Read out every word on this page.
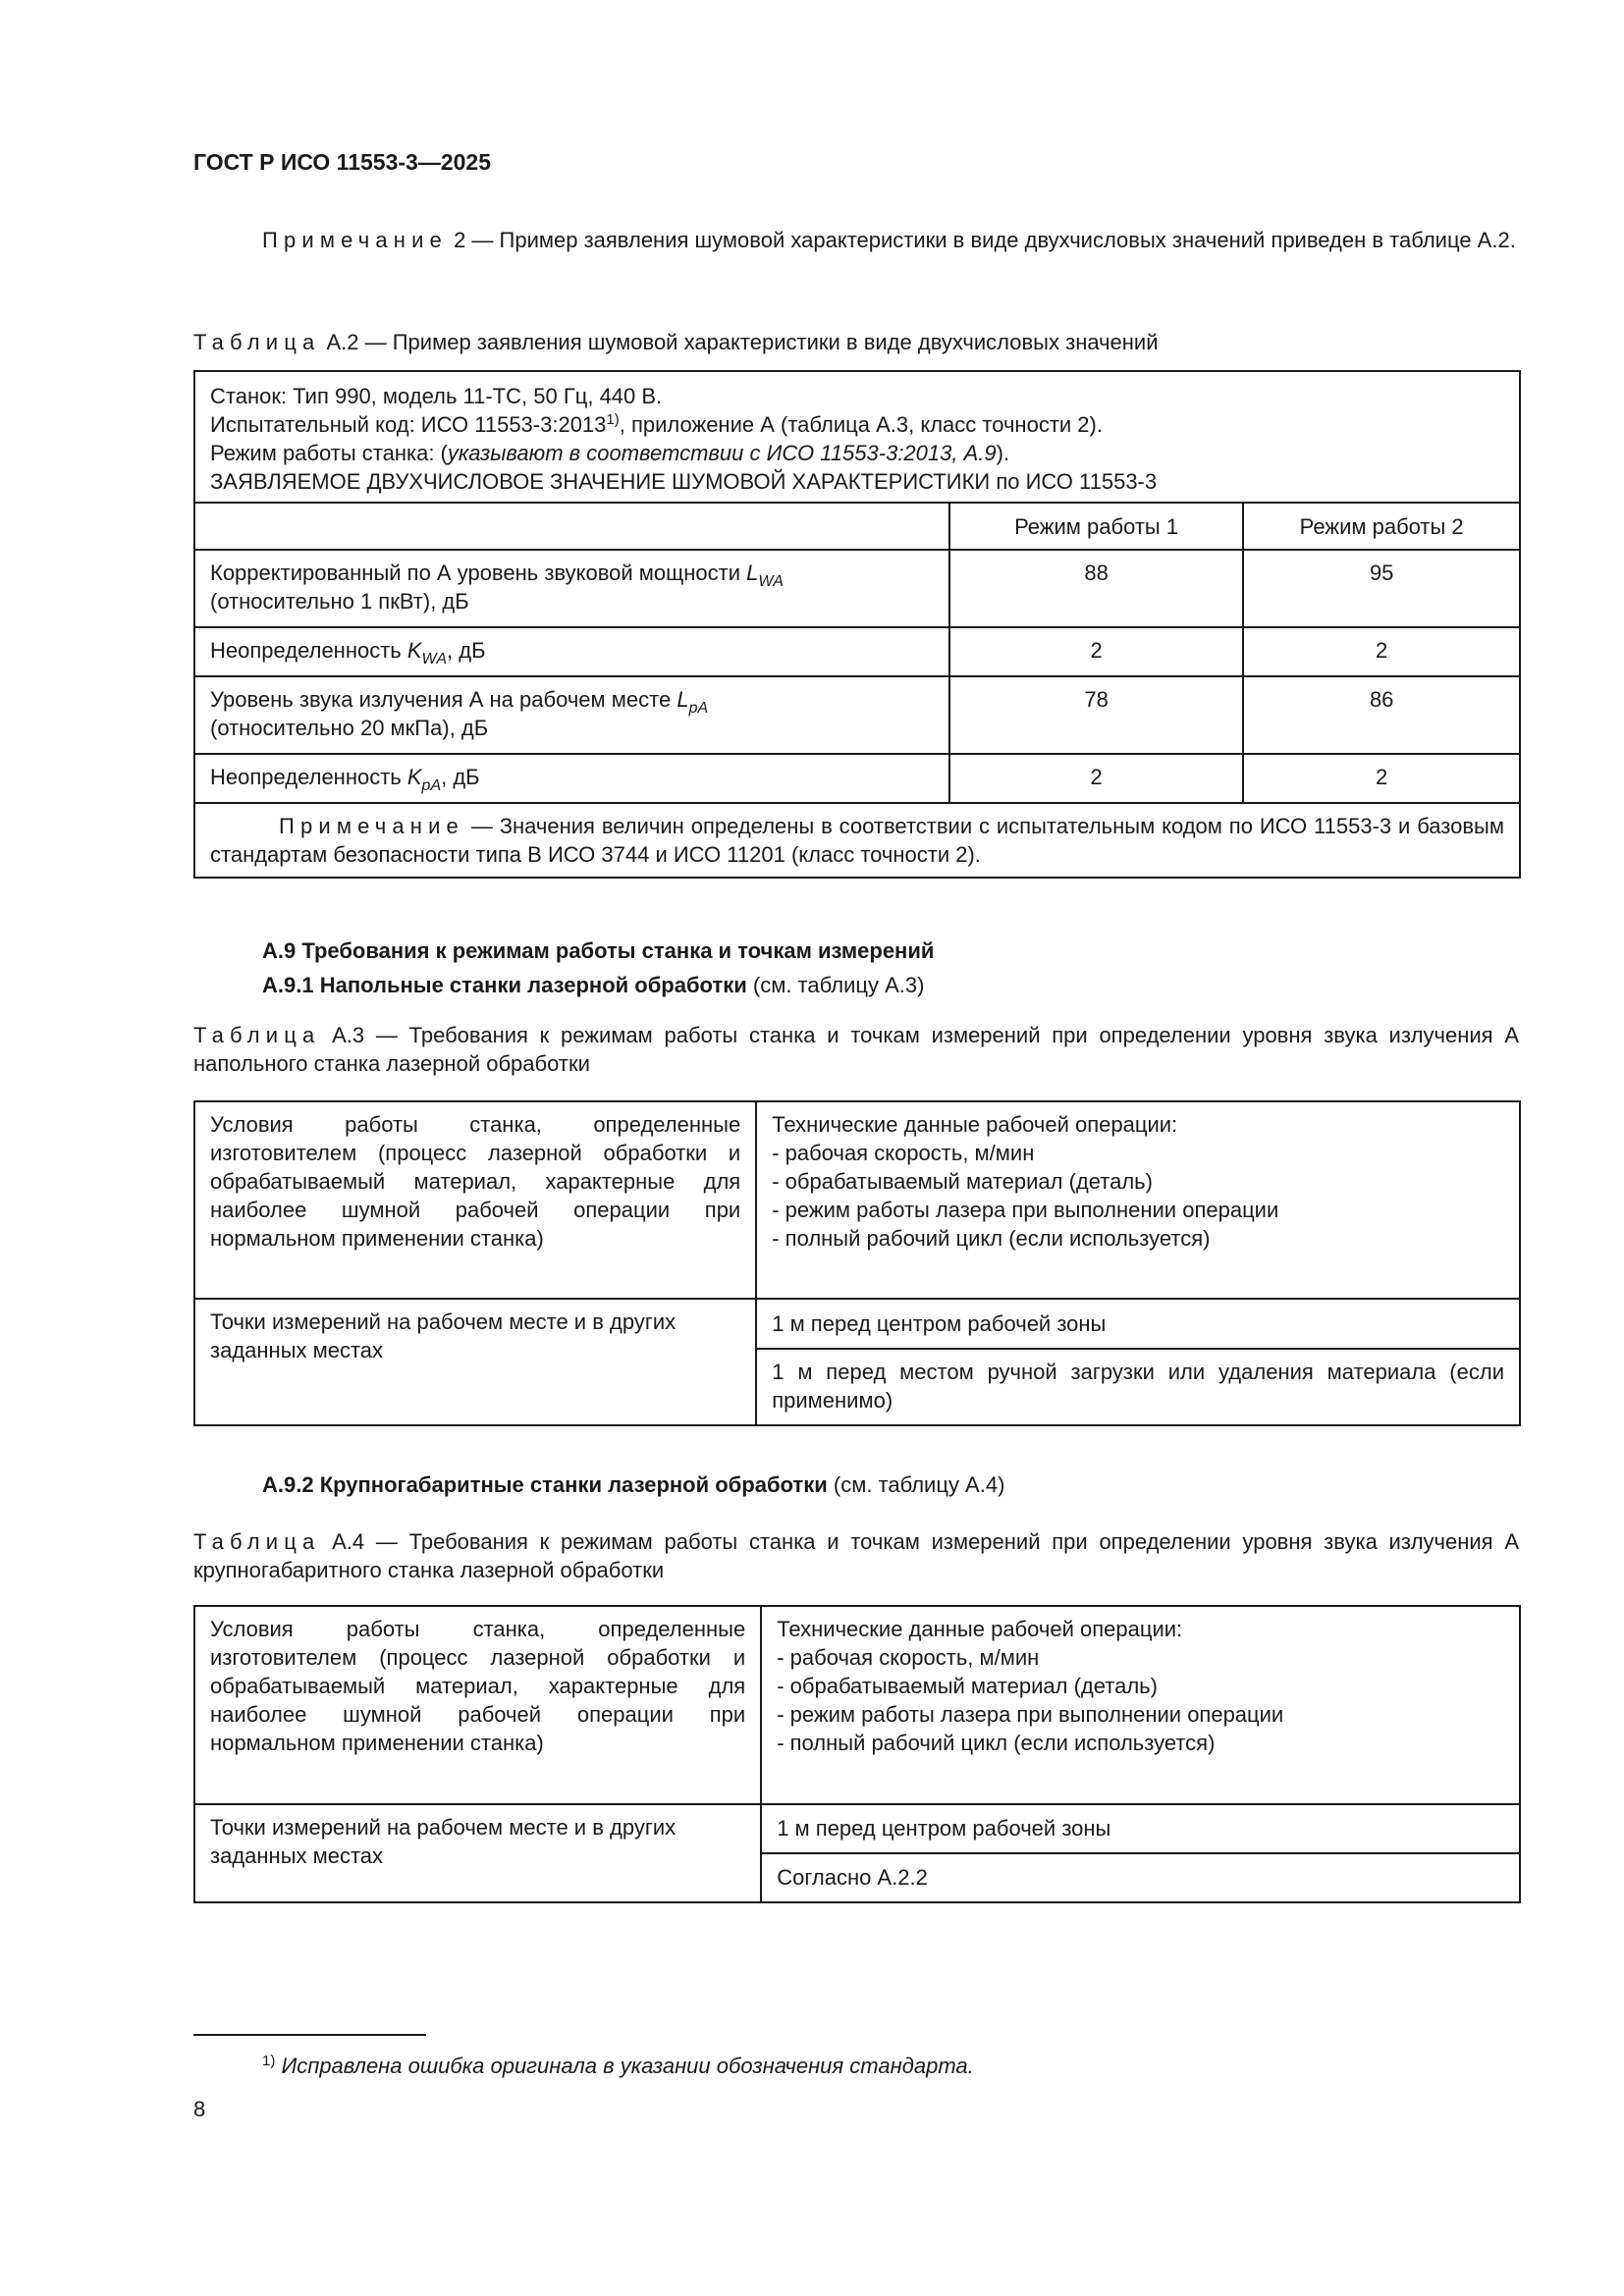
ГОСТ Р ИСО 11553-3—2025
Примечание 2 — Пример заявления шумовой характеристики в виде двухчисловых значений приведен в таблице А.2.
Таблица А.2 — Пример заявления шумовой характеристики в виде двухчисловых значений
Станок: Тип 990, модель 11-TC, 50 Гц, 440 В.
Испытательный код: ИСО 11553-3:2013$^{1)}$, приложение А (таблица А.3, класс точности 2).
Режим работы станка: (указывают в соответствии с ИСО 11553-3:2013, А.9).
ЗАЯВЛЯЕМОЕ ДВУХЧИСЛОВОЕ ЗНАЧЕНИЕ ШУМОВОЙ ХАРАКТЕРИСТИКИ по ИСО 11553-3		

	Режим работы 1	Режим работы 2
Корректированный по А уровень звуковой мощности $L_{WA}$
(относительно 1 пкВт), дБ	88	95
Неопределенность $K_{WA}$, дБ	2	2
Уровень звука излучения А на рабочем месте $L_{pA}$
(относительно 20 мкПа), дБ	78	86
Неопределенность $K_{pA}$, дБ	2	2
Примечание — Значения величин определены в соответствии с испытательным кодом по ИСО 11553-3 и базовым стандартам безопасности типа В ИСО 3744 и ИСО 11201 (класс точности 2).		
А.9 Требования к режимам работы станка и точкам измерений
А.9.1 Напольные станки лазерной обработки (см. таблицу А.3)
Таблица А.3 — Требования к режимам работы станка и точкам измерений при определении уровня звука излучения А напольного станка лазерной обработки
Условия работы станка, определенные изготовителем (процесс лазерной обработки и обрабатываемый материал, характерные для наиболее шумной рабочей операции при нормальном применении станка)	Технические данные рабочей операции:
- рабочая скорость, м/мин
- обрабатываемый материал (деталь)
- режим работы лазера при выполнении операции
- полный рабочий цикл (если используется)

Точки измерений на рабочем месте и в других заданных местах	1 м перед центром рабочей зоны
	1 м перед местом ручной загрузки или удаления материала (если применимо)
А.9.2 Крупногабаритные станки лазерной обработки (см. таблицу А.4)
Таблица А.4 — Требования к режимам работы станка и точкам измерений при определении уровня звука излучения А крупногабаритного станка лазерной обработки
Условия работы станка, определенные изготовителем (процесс лазерной обработки и обрабатываемый материал, характерные для наиболее шумной рабочей операции при нормальном применении станка)	Технические данные рабочей операции:
- рабочая скорость, м/мин
- обрабатываемый материал (деталь)
- режим работы лазера при выполнении операции
- полный рабочий цикл (если используется)

Точки измерений на рабочем месте и в других заданных местах	1 м перед центром рабочей зоны
	Согласно А.2.2
$^{1)}$ Исправлена ошибка оригинала в указании обозначения стандарта.
8
